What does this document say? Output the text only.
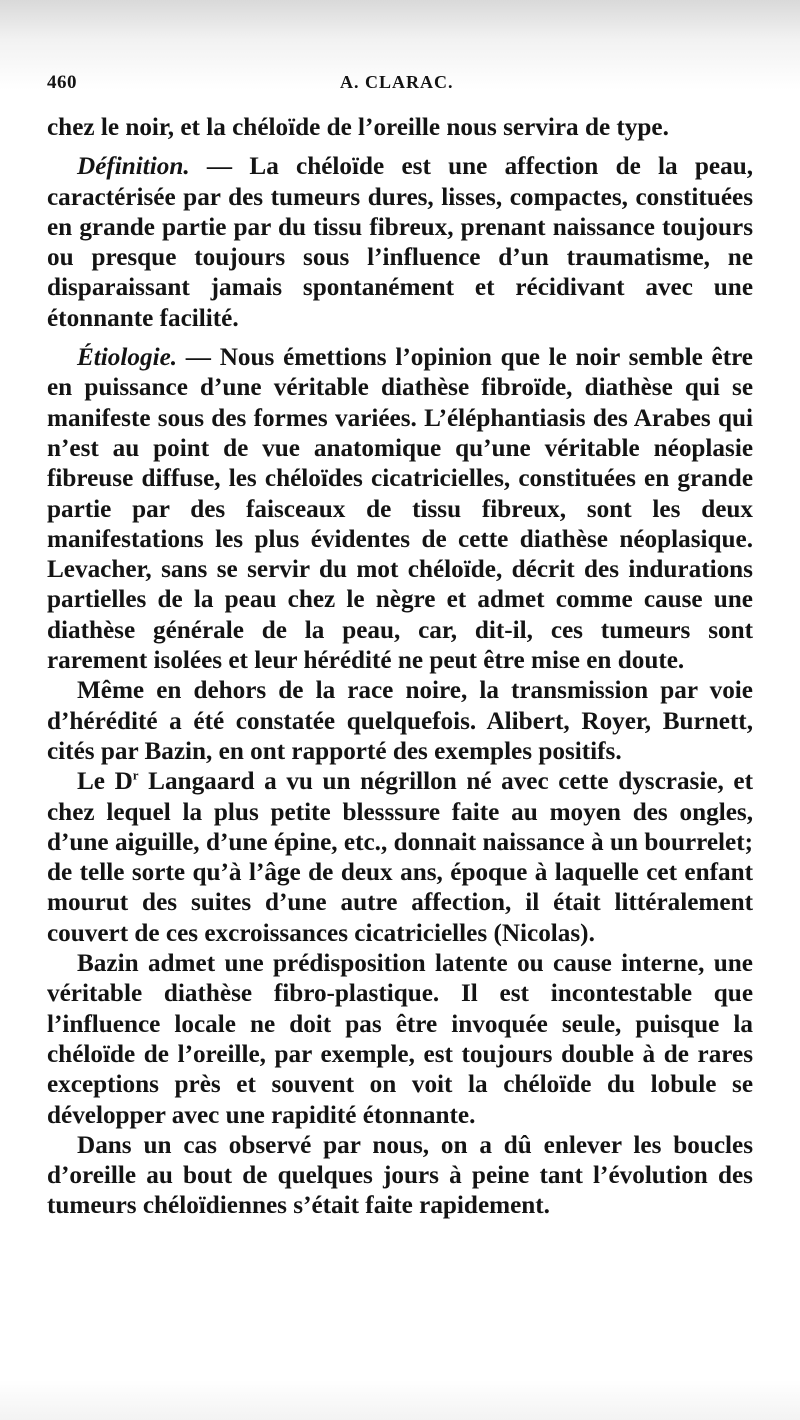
460	A. CLARAC.

chez le noir, et la chéloïde de l’oreille nous servira de type.

Définition. — La chéloïde est une affection de la peau, caractérisée par des tumeurs dures, lisses, compactes, constituées en grande partie par du tissu fibreux, prenant naissance toujours ou presque toujours sous l’influence d’un traumatisme, ne disparaissant jamais spontanément et récidivant avec une étonnante facilité.

Étiologie. — Nous émettions l’opinion que le noir semble être en puissance d’une véritable diathèse fibroïde, diathèse qui se manifeste sous des formes variées. L’éléphantiasis des Arabes qui n’est au point de vue anatomique qu’une véritable néoplasie fibreuse diffuse, les chéloïdes cicatricielles, constituées en grande partie par des faisceaux de tissu fibreux, sont les deux manifestations les plus évidentes de cette diathèse néoplasique. Levacher, sans se servir du mot chéloïde, décrit des indurations partielles de la peau chez le nègre et admet comme cause une diathèse générale de la peau, car, dit-il, ces tumeurs sont rarement isolées et leur hérédité ne peut être mise en doute.

Même en dehors de la race noire, la transmission par voie d’hérédité a été constatée quelquefois. Alibert, Royer, Burnett, cités par Bazin, en ont rapporté des exemples positifs.

Le $D^r$ Langaard a vu un négrillon né avec cette dyscrasie, et chez lequel la plus petite blesssure faite au moyen des ongles, d’une aiguille, d’une épine, etc., donnait naissance à un bourrelet; de telle sorte qu’à l’âge de deux ans, époque à laquelle cet enfant mourut des suites d’une autre affection, il était littéralement couvert de ces excroissances cicatricielles (Nicolas).

Bazin admet une prédisposition latente ou cause interne, une véritable diathèse fibro-plastique. Il est incontestable que l’influence locale ne doit pas être invoquée seule, puisque la chéloïde de l’oreille, par exemple, est toujours double à de rares exceptions près et souvent on voit la chéloïde du lobule se développer avec une rapidité étonnante.

Dans un cas observé par nous, on a dû enlever les boucles d’oreille au bout de quelques jours à peine tant l’évolution des tumeurs chéloïdiennes s’était faite rapidement.
